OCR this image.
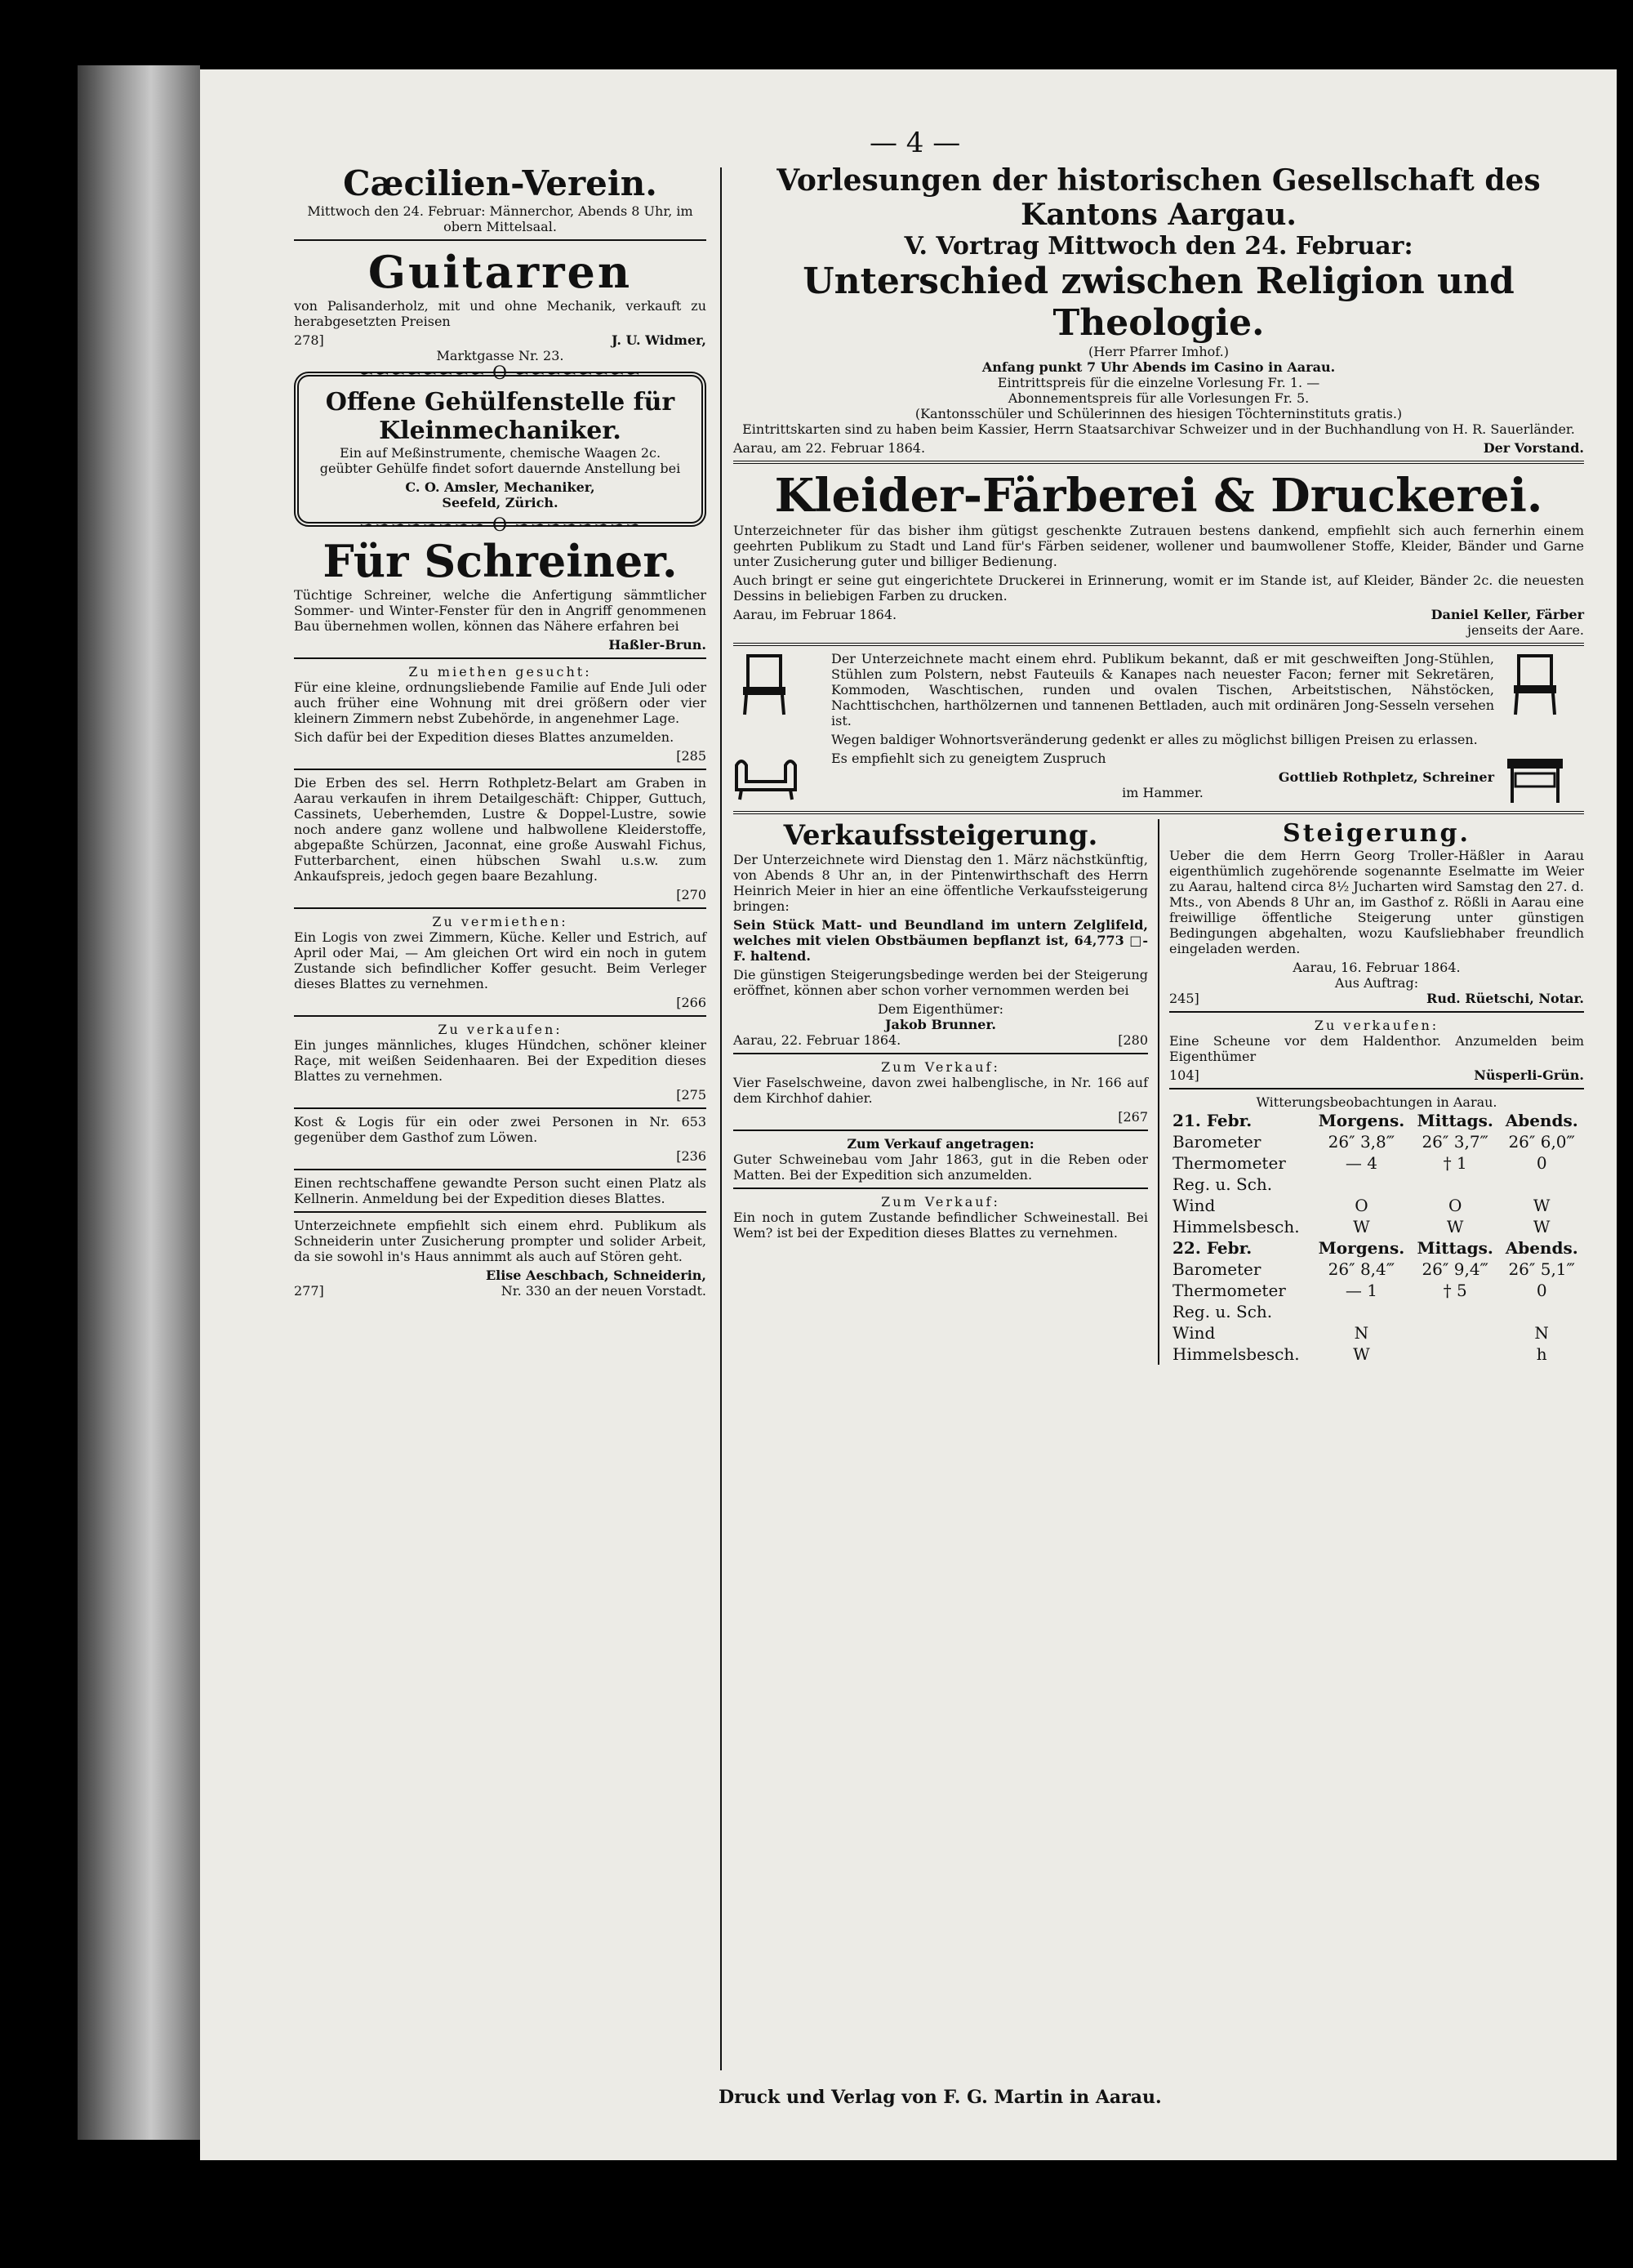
— 4 —
Cæcilien-Verein.

Mittwoch den 24. Februar: Männerchor, Abends 8 Uhr, im obern Mittelsaal.

Guitarren

von Palisanderholz, mit und ohne Mechanik, verkauft zu herabgesetzten Preisen

278]	J. U. Widmer,
Marktgasse Nr. 23.
∽∽∽∽∽∽∽∽ O ∽∽∽∽∽∽∽∽
Offene Gehülfenstelle für
Kleinmechaniker.

Ein auf Meßinstrumente, chemische Waagen 2c. geübter Gehülfe findet sofort dauernde Anstellung bei

C. O. Amsler, Mechaniker,
Seefeld, Zürich.
∽∽∽∽∽∽∽∽ O ∽∽∽∽∽∽∽∽
Für Schreiner.

Tüchtige Schreiner, welche die Anfertigung sämmtlicher Sommer- und Winter-Fenster für den in Angriff genommenen Bau übernehmen wollen, können das Nähere erfahren bei

Haßler-Brun.
Zu miethen gesucht:

Für eine kleine, ordnungsliebende Familie auf Ende Juli oder auch früher eine Wohnung mit drei größern oder vier kleinern Zimmern nebst Zubehörde, in angenehmer Lage.

Sich dafür bei der Expedition dieses Blattes anzumelden.

[285

Die Erben des sel. Herrn Rothpletz-Belart am Graben in Aarau verkaufen in ihrem Detailgeschäft: Chipper, Guttuch, Cassinets, Ueberhemden, Lustre & Doppel-Lustre, sowie noch andere ganz wollene und halbwollene Kleiderstoffe, abgepaßte Schürzen, Jaconnat, eine große Auswahl Fichus, Futterbarchent, einen hübschen Swahl u.s.w. zum Ankaufspreis, jedoch gegen baare Bezahlung.

[270
Zu vermiethen:

Ein Logis von zwei Zimmern, Küche. Keller und Estrich, auf April oder Mai, — Am gleichen Ort wird ein noch in gutem Zustande sich befindlicher Koffer gesucht. Beim Verleger dieses Blattes zu vernehmen.

[266
Zu verkaufen:

Ein junges männliches, kluges Hündchen, schöner kleiner Raçe, mit weißen Seidenhaaren. Bei der Expedition dieses Blattes zu vernehmen.

[275

Kost & Logis für ein oder zwei Personen in Nr. 653 gegenüber dem Gasthof zum Löwen.

[236

Einen rechtschaffene gewandte Person sucht einen Platz als Kellnerin. Anmeldung bei der Expedition dieses Blattes.

Unterzeichnete empfiehlt sich einem ehrd. Publikum als Schneiderin unter Zusicherung prompter und solider Arbeit, da sie sowohl in's Haus annimmt als auch auf Stören geht.

Elise Aeschbach, Schneiderin,
277]	Nr. 330 an der neuen Vorstadt.
Vorlesungen der historischen Gesellschaft des Kantons Aargau.
V. Vortrag Mittwoch den 24. Februar:
Unterschied zwischen Religion und Theologie.
(Herr Pfarrer Imhof.)
Anfang punkt 7 Uhr Abends im Casino in Aarau.
Eintrittspreis für die einzelne Vorlesung Fr. 1. —
Abonnementspreis für alle Vorlesungen Fr. 5.
(Kantonsschüler und Schülerinnen des hiesigen Töchterninstituts gratis.)

Eintrittskarten sind zu haben beim Kassier, Herrn Staatsarchivar Schweizer und in der Buchhandlung von H. R. Sauerländer.

Aarau, am 22. Februar 1864.	Der Vorstand.
Kleider-Färberei & Druckerei.

Unterzeichneter für das bisher ihm gütigst geschenkte Zutrauen bestens dankend, empfiehlt sich auch fernerhin einem geehrten Publikum zu Stadt und Land für's Färben seidener, wollener und baumwollener Stoffe, Kleider, Bänder und Garne unter Zusicherung guter und billiger Bedienung.

Auch bringt er seine gut eingerichtete Druckerei in Erinnerung, womit er im Stande ist, auf Kleider, Bänder 2c. die neuesten Dessins in beliebigen Farben zu drucken.

Aarau, im Februar 1864.	Daniel Keller, Färber
jenseits der Aare.

Der Unterzeichnete macht einem ehrd. Publikum bekannt, daß er mit geschweiften Jong-Stühlen, Stühlen zum Polstern, nebst Fauteuils & Kanapes nach neuester Facon; ferner mit Sekretären, Kommoden, Waschtischen, runden und ovalen Tischen, Arbeitstischen, Nähstöcken, Nachttischchen, harthölzernen und tannenen Bettladen, auch mit ordinären Jong-Sesseln versehen ist.

Wegen baldiger Wohnortsveränderung gedenkt er alles zu möglichst billigen Preisen zu erlassen.

Es empfiehlt sich zu geneigtem Zuspruch

Gottlieb Rothpletz, Schreiner
im Hammer.
Verkaufssteigerung.

Der Unterzeichnete wird Dienstag den 1. März nächstkünftig, von Abends 8 Uhr an, in der Pintenwirthschaft des Herrn Heinrich Meier in hier an eine öffentliche Verkaufssteigerung bringen:

Sein Stück Matt- und Beundland im untern Zelglifeld, welches mit vielen Obstbäumen bepflanzt ist, 64,773 □-F. haltend.

Die günstigen Steigerungsbedinge werden bei der Steigerung eröffnet, können aber schon vorher vernommen werden bei

Dem Eigenthümer:
Jakob Brunner.
Aarau, 22. Februar 1864.	[280
Zum Verkauf:

Vier Faselschweine, davon zwei halbenglische, in Nr. 166 auf dem Kirchhof dahier.

[267
Zum Verkauf angetragen:

Guter Schweinebau vom Jahr 1863, gut in die Reben oder Matten. Bei der Expedition sich anzumelden.

Zum Verkauf:

Ein noch in gutem Zustande befindlicher Schweinestall. Bei Wem? ist bei der Expedition dieses Blattes zu vernehmen.

Steigerung.

Ueber die dem Herrn Georg Troller-Häßler in Aarau eigenthümlich zugehörende sogenannte Eselmatte im Weier zu Aarau, haltend circa 8½ Jucharten wird Samstag den 27. d. Mts., von Abends 8 Uhr an, im Gasthof z. Rößli in Aarau eine freiwillige öffentliche Steigerung unter günstigen Bedingungen abgehalten, wozu Kaufsliebhaber freundlich eingeladen werden.

Aarau, 16. Februar 1864.
Aus Auftrag:
245]	Rud. Rüetschi, Notar.
Zu verkaufen:

Eine Scheune vor dem Haldenthor. Anzumelden beim Eigenthümer

104]	Nüsperli-Grün.
Witterungsbeobachtungen in Aarau.
21. Febr.	Morgens.	Mittags.	Abends.
Barometer	26″ 3,8‴	26″ 3,7‴	26″ 6,0‴
Thermometer	— 4	† 1	0
Reg. u. Sch.			
Wind	O	O	W
Himmelsbesch.	W	W	W
22. Febr.	Morgens.	Mittags.	Abends.
Barometer	26″ 8,4‴	26″ 9,4‴	26″ 5,1‴
Thermometer	— 1	† 5	0
Reg. u. Sch.			
Wind	N		N
Himmelsbesch.	W		h
Druck und Verlag von F. G. Martin in Aarau.
